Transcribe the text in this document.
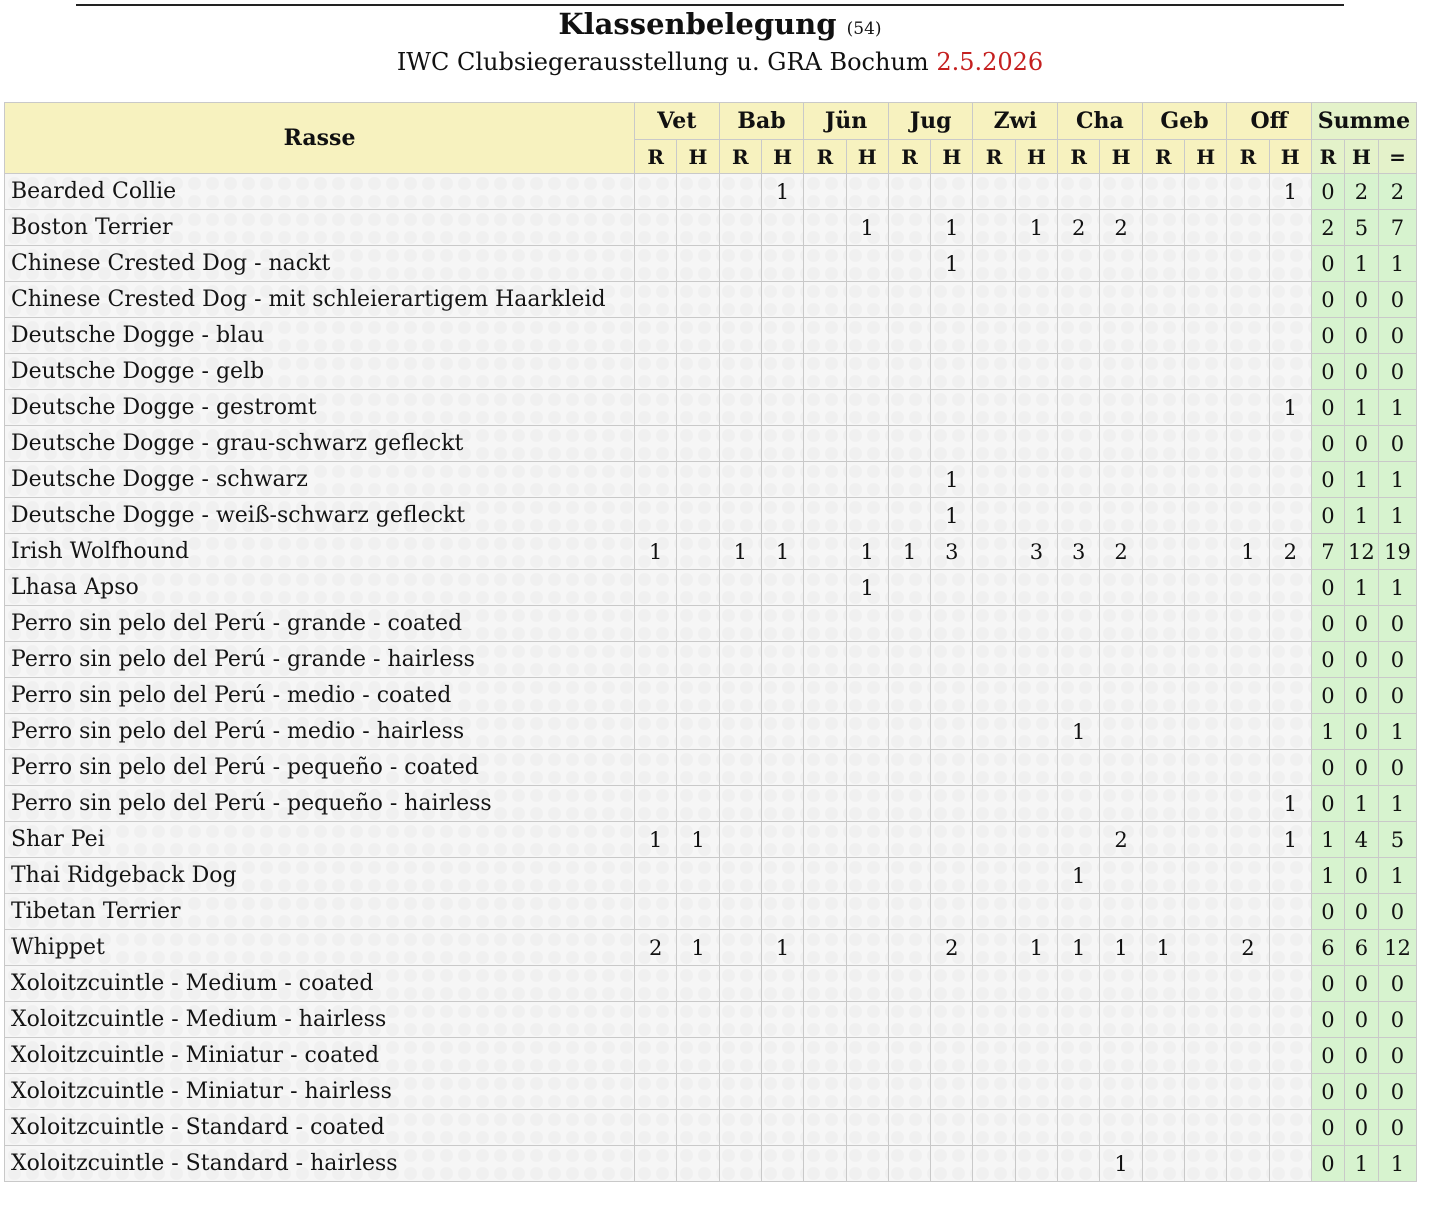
Klassenbelegung (54)
IWC Clubsiegerausstellung u. GRA Bochum 2.5.2026
Rasse	Vet		Bab		Jün		Jug		Zwi		Cha		Geb		Off		Summe		
	R	H	R	H	R	H	R	H	R	H	R	H	R	H	R	H	R	H	=
Bearded Collie				1												1	0	2	2
Boston Terrier						1		1		1	2	2					2	5	7
Chinese Crested Dog - nackt								1									0	1	1
Chinese Crested Dog - mit schleierartigem Haarkleid																	0	0	0
Deutsche Dogge - blau																	0	0	0
Deutsche Dogge - gelb																	0	0	0
Deutsche Dogge - gestromt																1	0	1	1
Deutsche Dogge - grau-schwarz gefleckt																	0	0	0
Deutsche Dogge - schwarz								1									0	1	1
Deutsche Dogge - weiß-schwarz gefleckt								1									0	1	1
Irish Wolfhound	1		1	1		1	1	3		3	3	2			1	2	7	12	19
Lhasa Apso						1											0	1	1
Perro sin pelo del Perú - grande - coated																	0	0	0
Perro sin pelo del Perú - grande - hairless																	0	0	0
Perro sin pelo del Perú - medio - coated																	0	0	0
Perro sin pelo del Perú - medio - hairless											1						1	0	1
Perro sin pelo del Perú - pequeño - coated																	0	0	0
Perro sin pelo del Perú - pequeño - hairless																1	0	1	1
Shar Pei	1	1										2				1	1	4	5
Thai Ridgeback Dog											1						1	0	1
Tibetan Terrier																	0	0	0
Whippet	2	1		1				2		1	1	1	1		2		6	6	12
Xoloitzcuintle - Medium - coated																	0	0	0
Xoloitzcuintle - Medium - hairless																	0	0	0
Xoloitzcuintle - Miniatur - coated																	0	0	0
Xoloitzcuintle - Miniatur - hairless																	0	0	0
Xoloitzcuintle - Standard - coated																	0	0	0
Xoloitzcuintle - Standard - hairless												1					0	1	1
